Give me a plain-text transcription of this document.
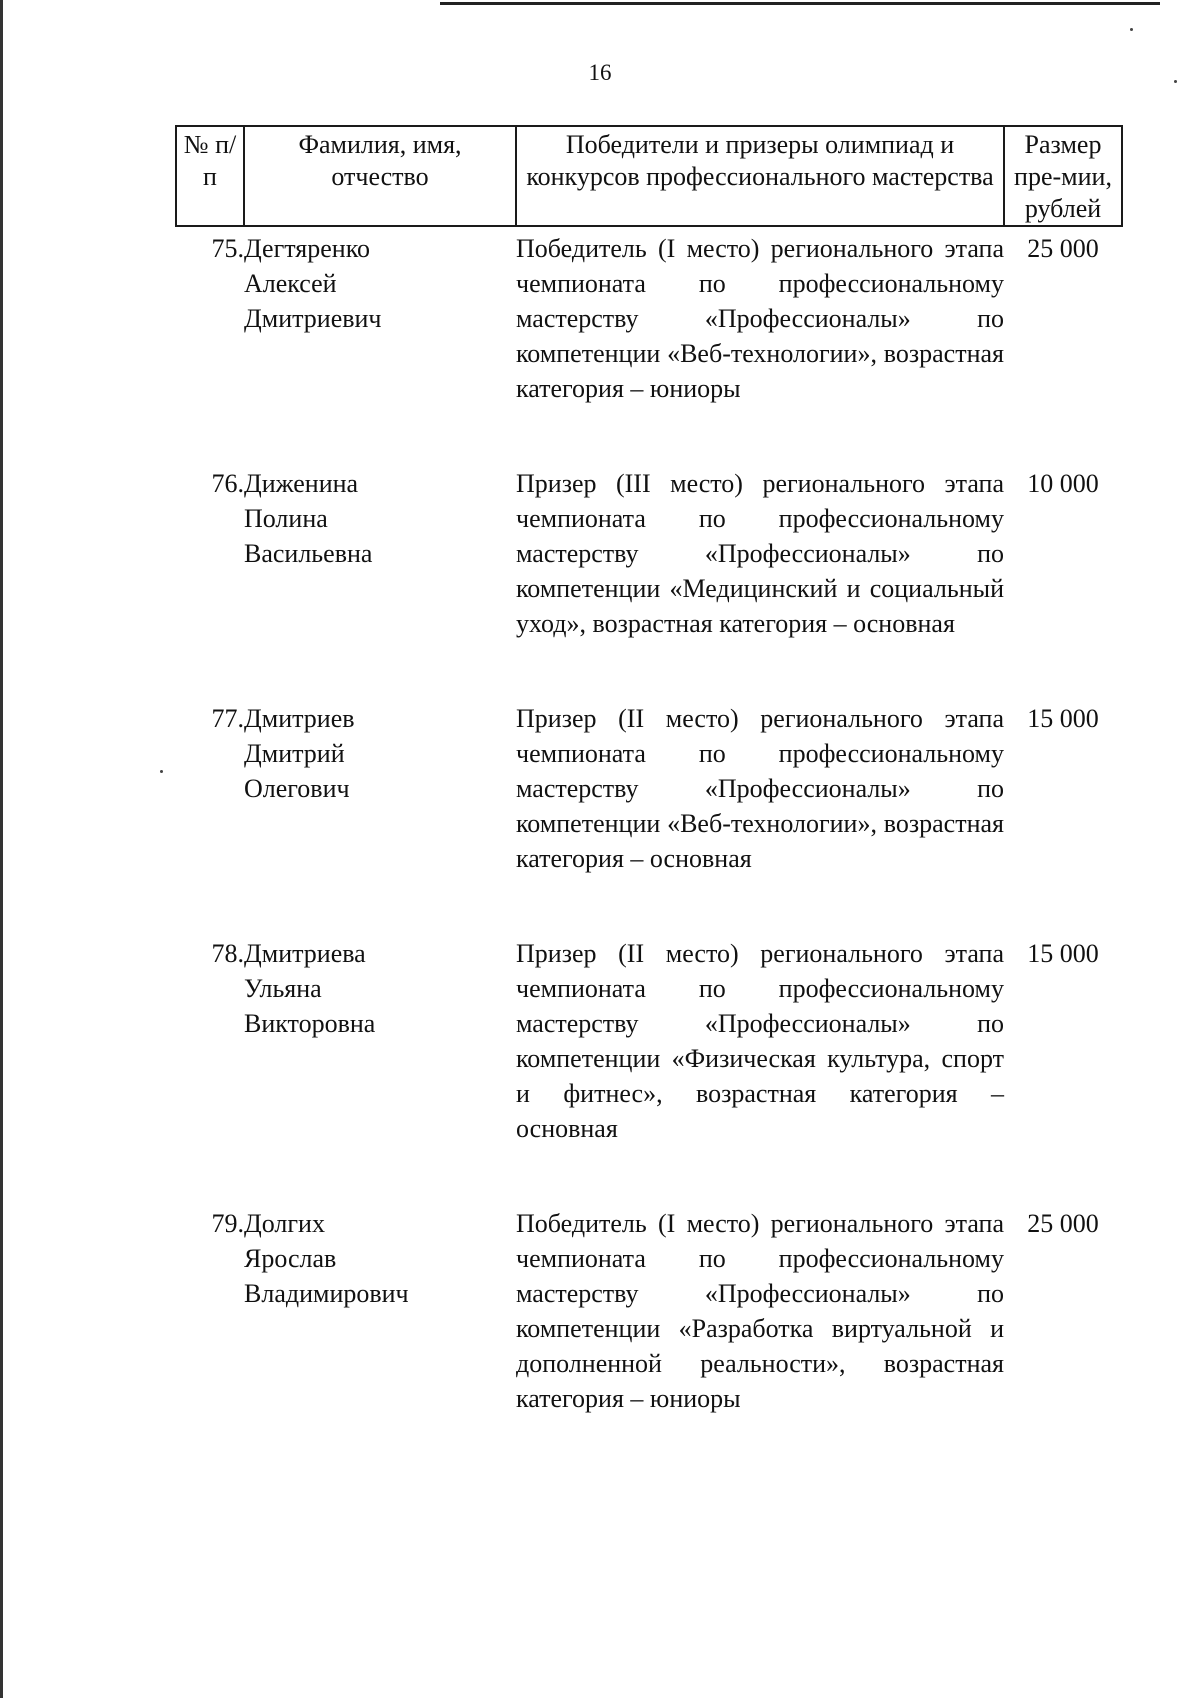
16
№ п/п	Фамилия, имя, отчество	Победители и призеры олимпиад и конкурсов профессионального мастерства	Размер пре-мии, рублей
75.	Дегтяренко
Алексей
Дмитриевич	Победитель (I место) регионального этапа чемпионата по профессиональному мастерству «Профессионалы» по компетенции «Веб-технологии», возрастная категория – юниоры	25 000

76.	Диженина
Полина
Васильевна	Призер (III место) регионального этапа чемпионата по профессиональному мастерству «Профессионалы» по компетенции «Медицинский и социальный уход», возрастная категория – основная	10 000

77.	Дмитриев
Дмитрий
Олегович	Призер (II место) регионального этапа чемпионата по профессиональному мастерству «Профессионалы» по компетенции «Веб-технологии», возрастная категория – основная	15 000

78.	Дмитриева
Ульяна
Викторовна	Призер (II место) регионального этапа чемпионата по профессиональному мастерству «Профессионалы» по компетенции «Физическая культура, спорт и фитнес», возрастная категория – основная	15 000

79.	Долгих
Ярослав
Владимирович	Победитель (I место) регионального этапа чемпионата по профессиональному мастерству «Профессионалы» по компетенции «Разработка виртуальной и дополненной реальности», возрастная категория – юниоры	25 000
